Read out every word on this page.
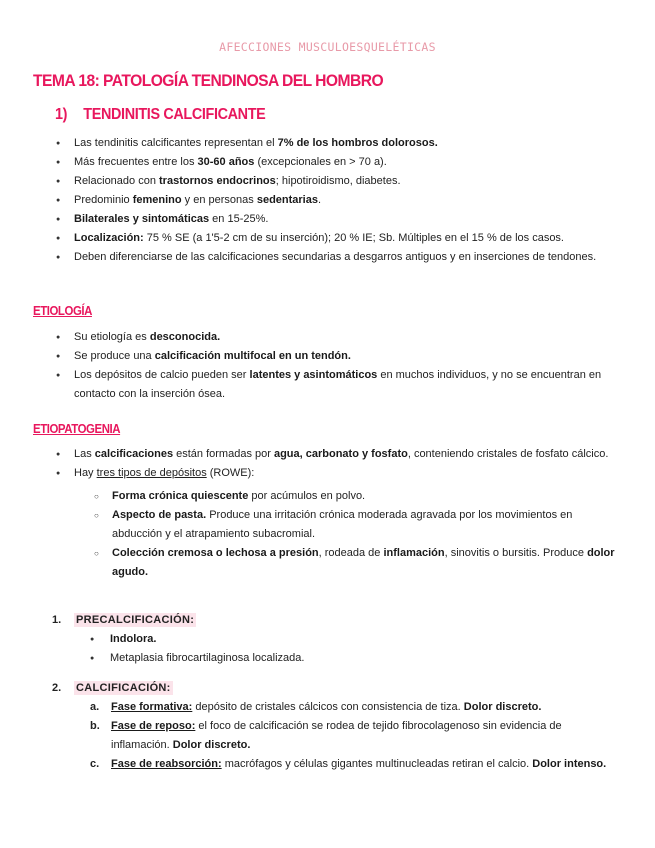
AFECCIONES MUSCULOESQUELÉTICAS
TEMA 18: PATOLOGÍA TENDINOSA DEL HOMBRO
1) TENDINITIS CALCIFICANTE
● Las tendinitis calcificantes representan el 7% de los hombros dolorosos.
● Más frecuentes entre los 30-60 años (excepcionales en > 70 a).
● Relacionado con trastornos endocrinos; hipotiroidismo, diabetes.
● Predominio femenino y en personas sedentarias.
● Bilaterales y sintomáticas en 15-25%.
● Localización: 75 % SE (a 1'5-2 cm de su inserción); 20 % IE; Sb. Múltiples en el 15 % de los casos.
● Deben diferenciarse de las calcificaciones secundarias a desgarros antiguos y en inserciones de tendones.
ETIOLOGÍA
● Su etiología es desconocida.
● Se produce una calcificación multifocal en un tendón.
● Los depósitos de calcio pueden ser latentes y asintomáticos en muchos individuos, y no se encuentran en contacto con la inserción ósea.
ETIOPATOGENIA
● Las calcificaciones están formadas por agua, carbonato y fosfato, conteniendo cristales de fosfato cálcico.
● Hay tres tipos de depósitos (ROWE):
○ Forma crónica quiescente por acúmulos en polvo.
○ Aspecto de pasta. Produce una irritación crónica moderada agravada por los movimientos en abducción y el atrapamiento subacromial.
○ Colección cremosa o lechosa a presión, rodeada de inflamación, sinovitis o bursitis. Produce dolor agudo.
1. PRECALCIFICACIÓN:
● Indolora.
● Metaplasia fibrocartilaginosa localizada.
2. CALCIFICACIÓN:
a. Fase formativa: depósito de cristales cálcicos con consistencia de tiza. Dolor discreto.
b. Fase de reposo: el foco de calcificación se rodea de tejido fibrocolagenoso sin evidencia de inflamación. Dolor discreto.
c. Fase de reabsorción: macrófagos y células gigantes multinucleadas retiran el calcio. Dolor intenso.
